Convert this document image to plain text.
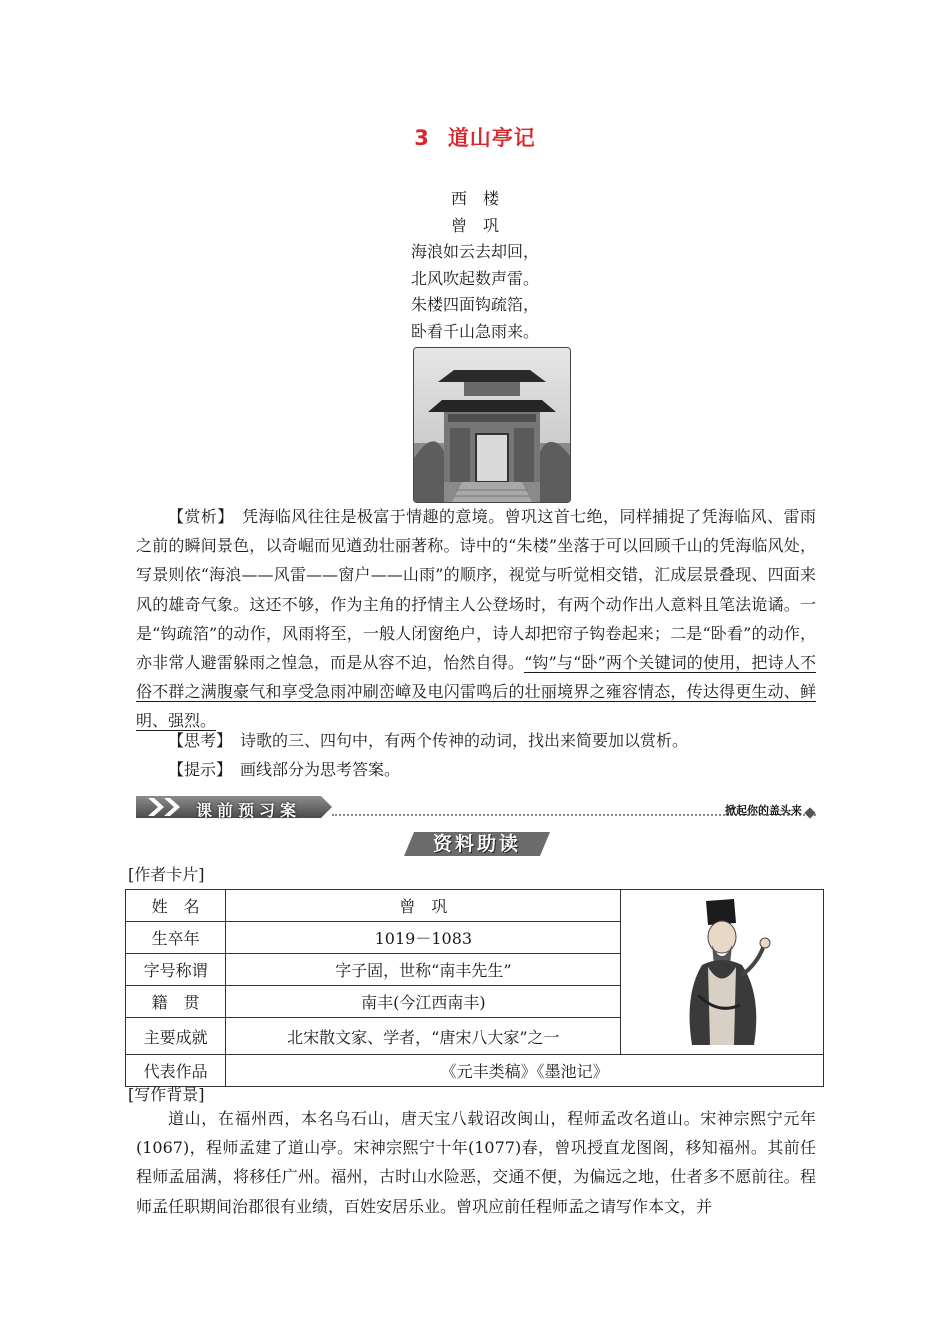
3 道山亭记
西　楼
曾　巩
海浪如云去却回，
北风吹起数声雷。
朱楼四面钩疏箔，
卧看千山急雨来。

【赏析】　 凭海临风往往是极富于情趣的意境。曾巩这首七绝，同样捕捉了凭海临风、雷雨之前的瞬间景色，以奇崛而见遒劲壮丽著称。诗中的“朱楼”坐落于可以回顾千山的凭海临风处，写景则依“海浪——风雷——窗户——山雨”的顺序，视觉与听觉相交错，汇成层景叠现、四面来风的雄奇气象。这还不够，作为主角的抒情主人公登场时，有两个动作出人意料且笔法诡谲。一是“钩疏箔”的动作，风雨将至，一般人闭窗绝户，诗人却把帘子钩卷起来；二是“卧看”的动作，亦非常人避雷躲雨之惶急，而是从容不迫，怡然自得。“钩”与“卧”两个关键词的使用，把诗人不俗不群之满腹豪气和享受急雨冲刷峦嶂及电闪雷鸣后的壮丽境界之雍容情态，传达得更生动、鲜明、强烈。

【思考】　 诗歌的三、四句中，有两个传神的动词，找出来简要加以赏析。

【提示】　 画线部分为思考答案。

课前预习案	掀起你的盖头来
资料助读
[作者卡片]
姓　名	曾　巩	
生卒年	1019－1083	
字号称谓	字子固，世称“南丰先生”	
籍　贯	南丰(今江西南丰)	
主要成就	北宋散文家、学者，“唐宋八大家”之一	
代表作品	《元丰类稿》《墨池记》	
[写作背景]

道山，在福州西，本名乌石山，唐天宝八载诏改闽山，程师孟改名道山。宋神宗熙宁元年(1067)，程师孟建了道山亭。宋神宗熙宁十年(1077)春，曾巩授直龙图阁，移知福州。其前任程师孟届满，将移任广州。福州，古时山水险恶，交通不便，为偏远之地，仕者多不愿前往。程师孟任职期间治郡很有业绩，百姓安居乐业。曾巩应前任程师孟之请写作本文，并
